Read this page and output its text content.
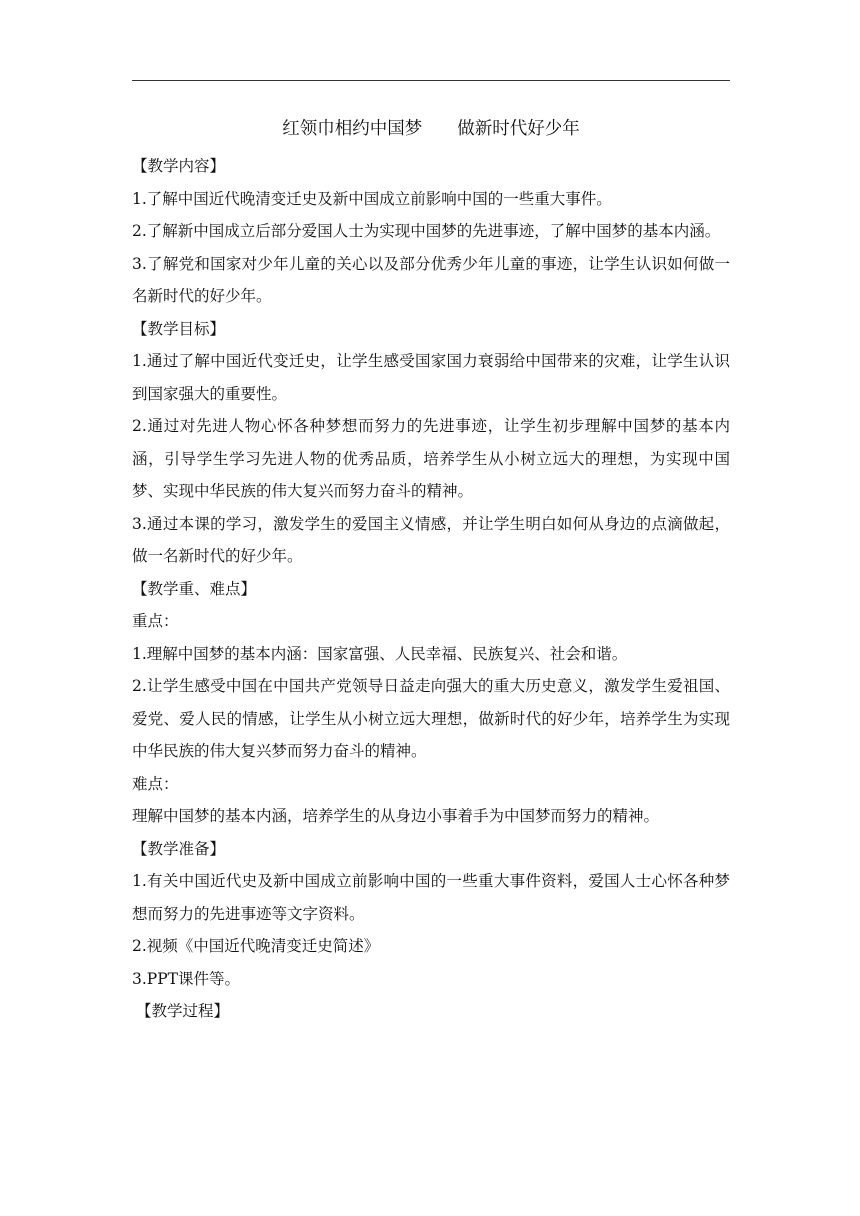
红领巾相约中国梦　　做新时代好少年
【教学内容】
1.了解中国近代晚清变迁史及新中国成立前影响中国的一些重大事件。
2.了解新中国成立后部分爱国人士为实现中国梦的先进事迹，了解中国梦的基本内涵。
3.了解党和国家对少年儿童的关心以及部分优秀少年儿童的事迹，让学生认识如何做一名新时代的好少年。
【教学目标】
1.通过了解中国近代变迁史，让学生感受国家国力衰弱给中国带来的灾难，让学生认识到国家强大的重要性。
2.通过对先进人物心怀各种梦想而努力的先进事迹，让学生初步理解中国梦的基本内涵，引导学生学习先进人物的优秀品质，培养学生从小树立远大的理想，为实现中国梦、实现中华民族的伟大复兴而努力奋斗的精神。
3.通过本课的学习，激发学生的爱国主义情感，并让学生明白如何从身边的点滴做起，做一名新时代的好少年。
【教学重、难点】
重点：
1.理解中国梦的基本内涵：国家富强、人民幸福、民族复兴、社会和谐。
2.让学生感受中国在中国共产党领导日益走向强大的重大历史意义，激发学生爱祖国、爱党、爱人民的情感，让学生从小树立远大理想，做新时代的好少年，培养学生为实现中华民族的伟大复兴梦而努力奋斗的精神。
难点：
理解中国梦的基本内涵，培养学生的从身边小事着手为中国梦而努力的精神。
【教学准备】
1.有关中国近代史及新中国成立前影响中国的一些重大事件资料，爱国人士心怀各种梦想而努力的先进事迹等文字资料。
2.视频《中国近代晚清变迁史简述》
3.PPT课件等。
【教学过程】
